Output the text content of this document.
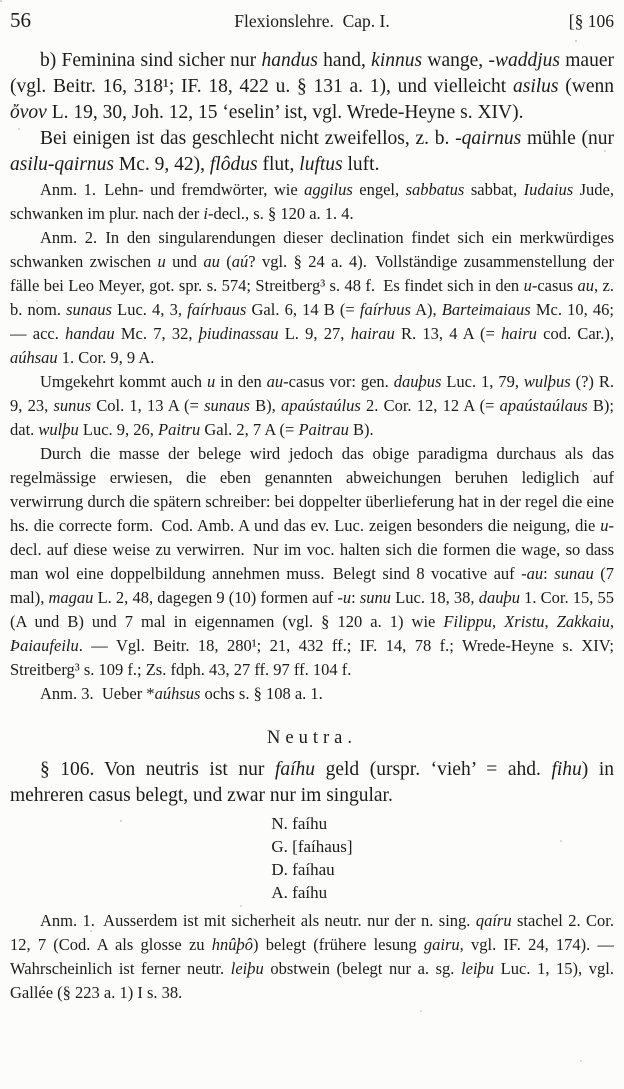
56	Flexionslehre. Cap. I.	[§ 106

b) Feminina sind sicher nur handus hand, kinnus wange, -waddjus mauer (vgl. Beitr. 16, 318¹; IF. 18, 422 u. § 131 a. 1), und vielleicht asilus (wenn ὄνον L. 19, 30, Joh. 12, 15 ‘eselin’ ist, vgl. Wrede-Heyne s. XIV).

Bei einigen ist das geschlecht nicht zweifellos, z. b. -qairnus mühle (nur asilu-qairnus Mc. 9, 42), flôdus flut, luftus luft.

Anm. 1. Lehn- und fremdwörter, wie aggilus engel, sabbatus sabbat, Iudaius Jude, schwanken im plur. nach der i-decl., s. § 120 a. 1. 4.

Anm. 2. In den singularendungen dieser declination findet sich ein merkwürdiges schwanken zwischen u und au (aú? vgl. § 24 a. 4). Vollständige zusammenstellung der fälle bei Leo Meyer, got. spr. s. 574; Streitberg³ s. 48 f. Es findet sich in den u-casus au, z. b. nom. sunaus Luc. 4, 3, faírƕaus Gal. 6, 14 B (= faírƕus A), Barteimaiaus Mc. 10, 46; — acc. handau Mc. 7, 32, þiudinassau L. 9, 27, hairau R. 13, 4 A (= hairu cod. Car.), aúhsau 1. Cor. 9, 9 A.

Umgekehrt kommt auch u in den au-casus vor: gen. dauþus Luc. 1, 79, wulþus (?) R. 9, 23, sunus Col. 1, 13 A (= sunaus B), apaústaúlus 2. Cor. 12, 12 A (= apaústaúlaus B); dat. wulþu Luc. 9, 26, Paitru Gal. 2, 7 A (= Paitrau B).

Durch die masse der belege wird jedoch das obige paradigma durchaus als das regelmässige erwiesen, die eben genannten abweichungen beruhen lediglich auf verwirrung durch die spätern schreiber: bei doppelter überlieferung hat in der regel die eine hs. die correcte form. Cod. Amb. A und das ev. Luc. zeigen besonders die neigung, die u-decl. auf diese weise zu verwirren. Nur im voc. halten sich die formen die wage, so dass man wol eine doppelbildung annehmen muss. Belegt sind 8 vocative auf -au: sunau (7 mal), magau L. 2, 48, dagegen 9 (10) formen auf -u: sunu Luc. 18, 38, dauþu 1. Cor. 15, 55 (A und B) und 7 mal in eigennamen (vgl. § 120 a. 1) wie Filippu, Xristu, Zakkaiu, Þaiaufeilu. — Vgl. Beitr. 18, 280¹; 21, 432 ff.; IF. 14, 78 f.; Wrede-Heyne s. XIV; Streitberg³ s. 109 f.; Zs. fdph. 43, 27 ff. 97 ff. 104 f.

Anm. 3. Ueber *aúhsus ochs s. § 108 a. 1.

Neutra.

§ 106. Von neutris ist nur faíhu geld (urspr. ‘vieh’ = ahd. fihu) in mehreren casus belegt, und zwar nur im singular.

N. faíhu
G. [faíhaus]
D. faíhau
A. faíhu

Anm. 1. Ausserdem ist mit sicherheit als neutr. nur der n. sing. qaíru stachel 2. Cor. 12, 7 (Cod. A als glosse zu hnûþô) belegt (frühere lesung gairu, vgl. IF. 24, 174). — Wahrscheinlich ist ferner neutr. leiþu obstwein (belegt nur a. sg. leiþu Luc. 1, 15), vgl. Gallée (§ 223 a. 1) I s. 38.
